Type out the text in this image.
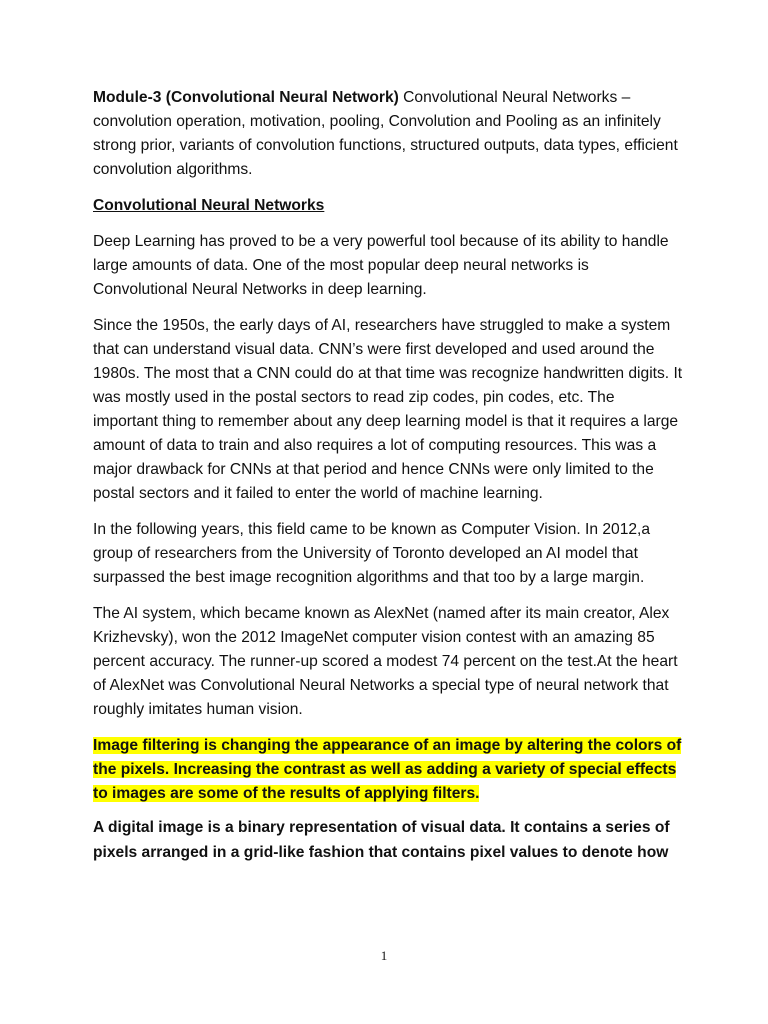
Module-3 (Convolutional Neural Network) Convolutional Neural Networks – convolution operation, motivation, pooling, Convolution and Pooling as an infinitely strong prior, variants of convolution functions, structured outputs, data types, efficient convolution algorithms.

Convolutional Neural Networks

Deep Learning has proved to be a very powerful tool because of its ability to handle large amounts of data. One of the most popular deep neural networks is Convolutional Neural Networks in deep learning.

Since the 1950s, the early days of AI, researchers have struggled to make a system that can understand visual data. CNN’s were first developed and used around the 1980s. The most that a CNN could do at that time was recognize handwritten digits. It was mostly used in the postal sectors to read zip codes, pin codes, etc. The important thing to remember about any deep learning model is that it requires a large amount of data to train and also requires a lot of computing resources. This was a major drawback for CNNs at that period and hence CNNs were only limited to the postal sectors and it failed to enter the world of machine learning.

In the following years, this field came to be known as Computer Vision. In 2012,a group of researchers from the University of Toronto developed an AI model that surpassed the best image recognition algorithms and that too by a large margin.

The AI system, which became known as AlexNet (named after its main creator, Alex Krizhevsky), won the 2012 ImageNet computer vision contest with an amazing 85 percent accuracy. The runner-up scored a modest 74 percent on the test.At the heart of AlexNet was Convolutional Neural Networks a special type of neural network that roughly imitates human vision.

Image filtering is changing the appearance of an image by altering the colors of the pixels. Increasing the contrast as well as adding a variety of special effects to images are some of the results of applying filters.

A digital image is a binary representation of visual data. It contains a series of pixels arranged in a grid-like fashion that contains pixel values to denote how

1
